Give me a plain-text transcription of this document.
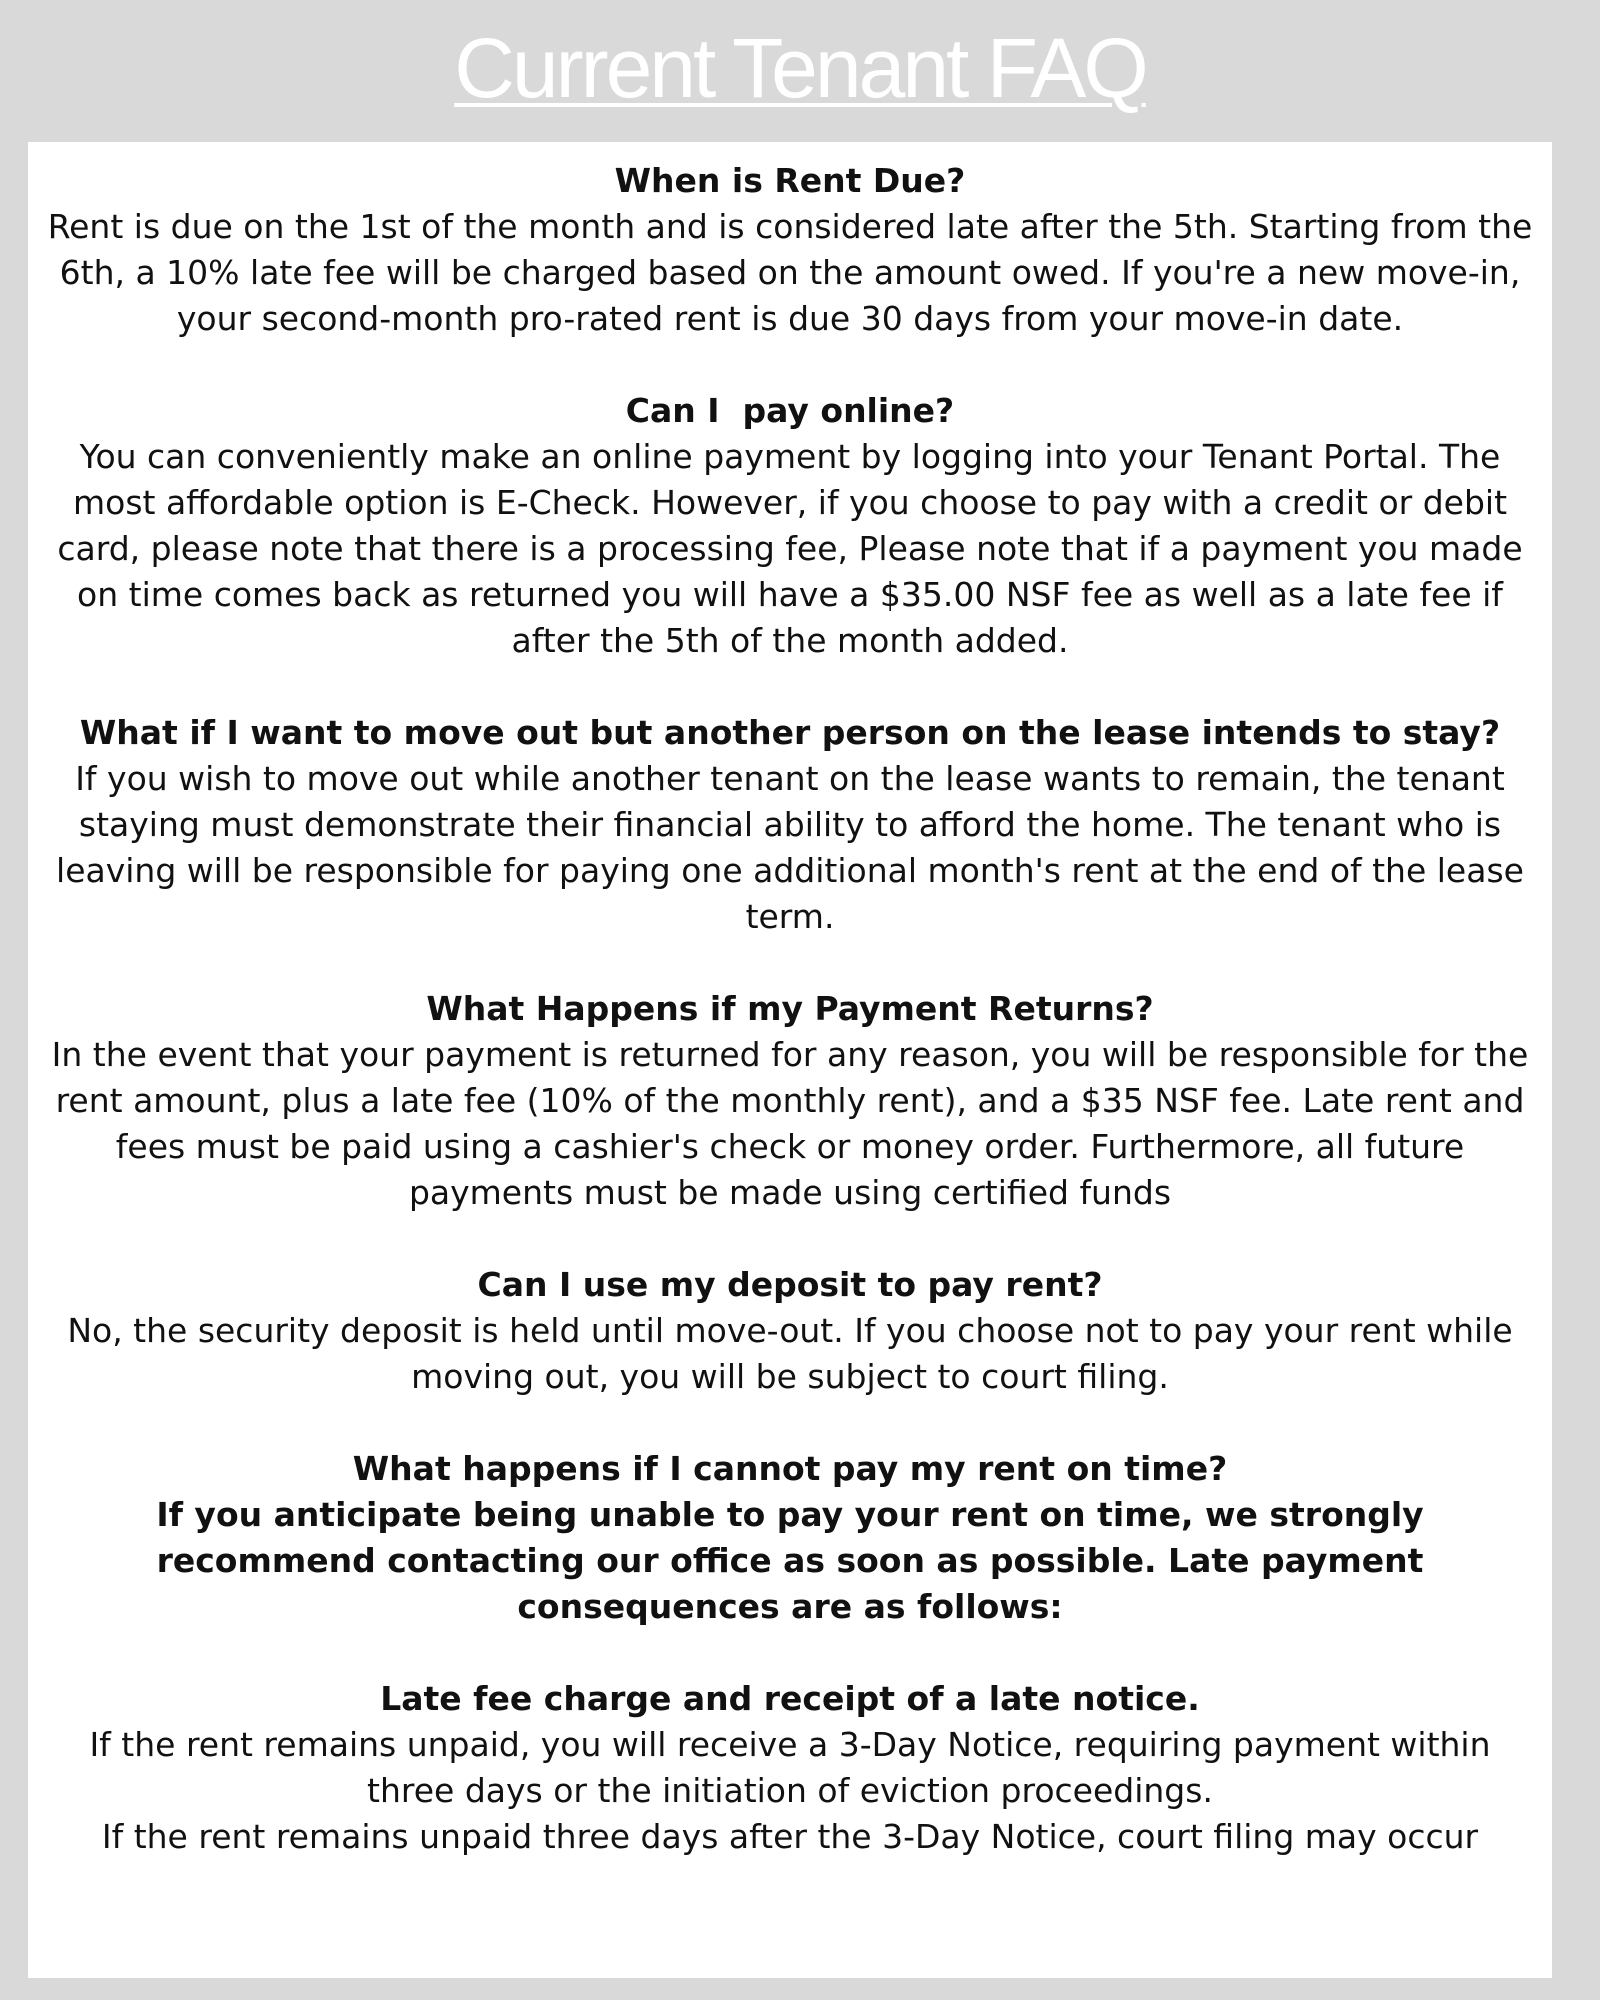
Current Tenant FAQ

When is Rent Due?

Rent is due on the 1st of the month and is considered late after the 5th. Starting from the 6th, a 10% late fee will be charged based on the amount owed. If you're a new move-in, your second-month pro-rated rent is due 30 days from your move-in date.

Can I  pay online?

You can conveniently make an online payment by logging into your Tenant Portal. The most affordable option is E-Check. However, if you choose to pay with a credit or debit card, please note that there is a processing fee, Please note that if a payment you made on time comes back as returned you will have a $35.00 NSF fee as well as a late fee if after the 5th of the month added.

What if I want to move out but another person on the lease intends to stay?

If you wish to move out while another tenant on the lease wants to remain, the tenant staying must demonstrate their financial ability to afford the home. The tenant who is leaving will be responsible for paying one additional month's rent at the end of the lease term.

What Happens if my Payment Returns?

In the event that your payment is returned for any reason, you will be responsible for the rent amount, plus a late fee (10% of the monthly rent), and a $35 NSF fee. Late rent and fees must be paid using a cashier's check or money order. Furthermore, all future payments must be made using certified funds

Can I use my deposit to pay rent?

No, the security deposit is held until move-out. If you choose not to pay your rent while moving out, you will be subject to court filing.

What happens if I cannot pay my rent on time?

If you anticipate being unable to pay your rent on time, we strongly recommend contacting our office as soon as possible. Late payment consequences are as follows:

Late fee charge and receipt of a late notice.

If the rent remains unpaid, you will receive a 3-Day Notice, requiring payment within three days or the initiation of eviction proceedings.

If the rent remains unpaid three days after the 3-Day Notice, court filing may occur
